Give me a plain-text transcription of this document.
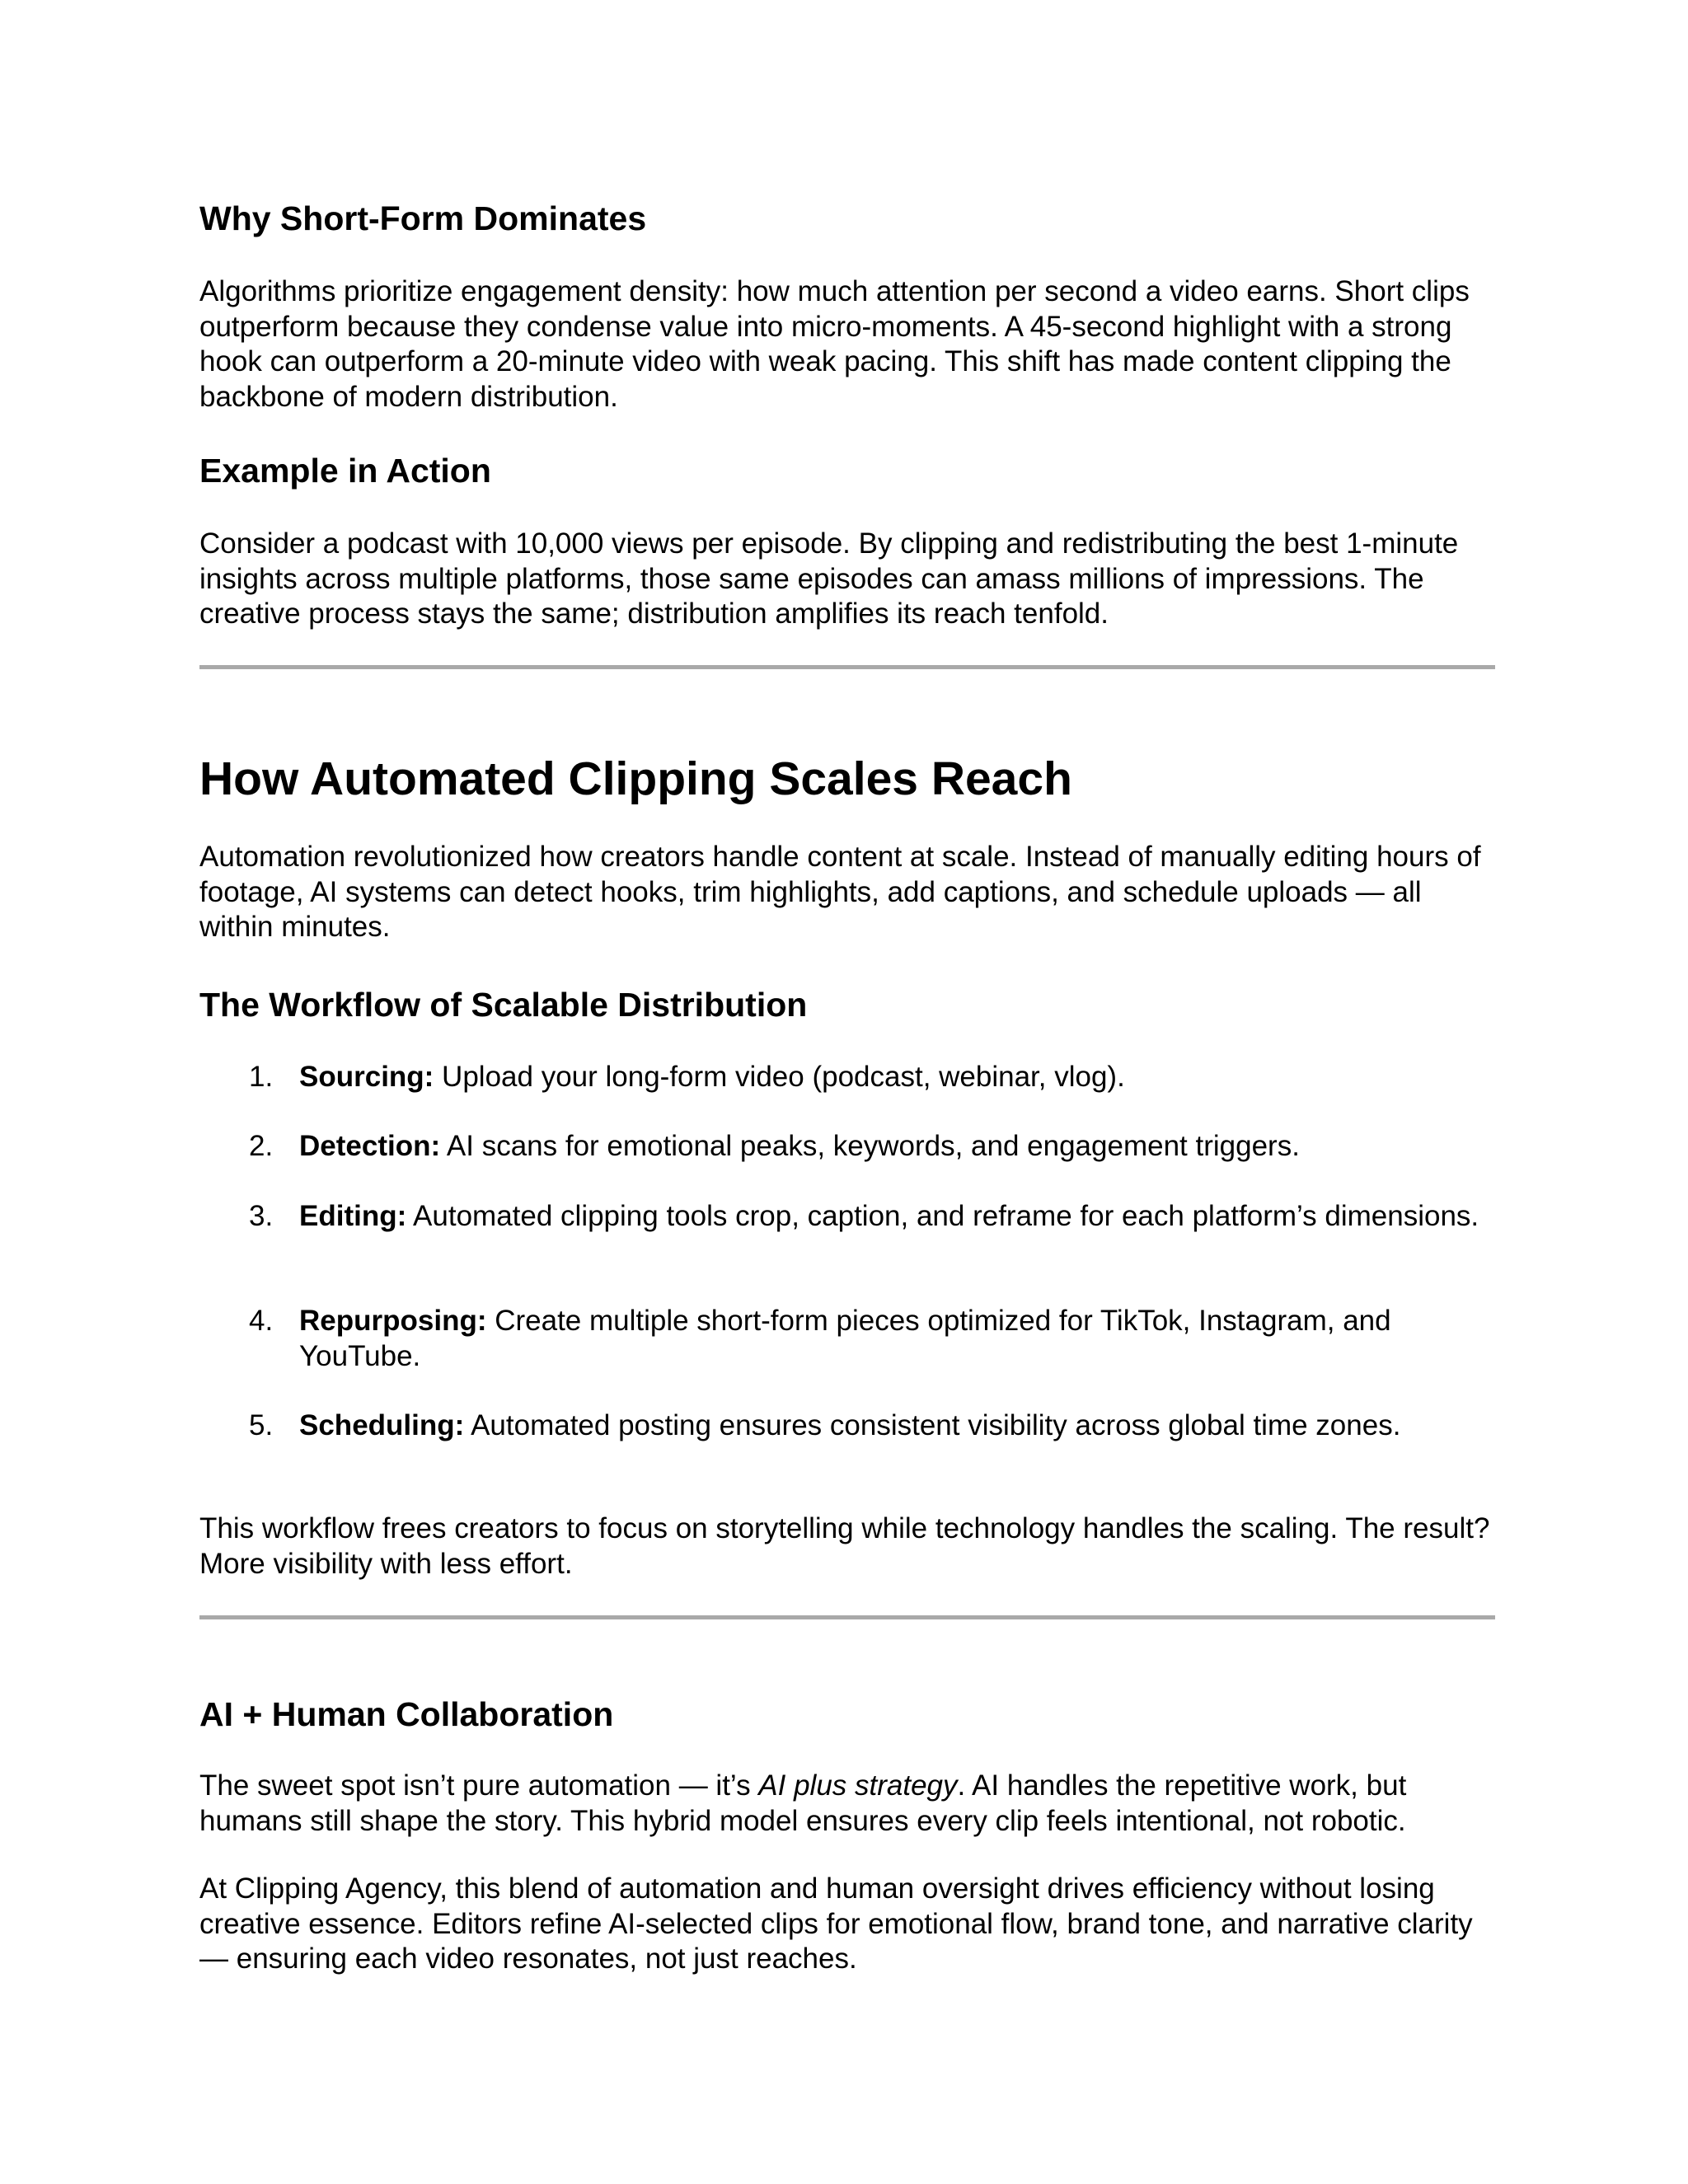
Why Short-Form Dominates

Algorithms prioritize engagement density: how much attention per second a video earns. Short clips outperform because they condense value into micro-moments. A 45-second highlight with a strong hook can outperform a 20-minute video with weak pacing. This shift has made content clipping the backbone of modern distribution.

Example in Action

Consider a podcast with 10,000 views per episode. By clipping and redistributing the best 1-minute insights across multiple platforms, those same episodes can amass millions of impressions. The creative process stays the same; distribution amplifies its reach tenfold.

How Automated Clipping Scales Reach

Automation revolutionized how creators handle content at scale. Instead of manually editing hours of footage, AI systems can detect hooks, trim highlights, add captions, and schedule uploads — all within minutes.

The Workflow of Scalable Distribution
1. Sourcing: Upload your long-form video (podcast, webinar, vlog).
2. Detection: AI scans for emotional peaks, keywords, and engagement triggers.
3. Editing: Automated clipping tools crop, caption, and reframe for each platform’s dimensions.
4. Repurposing: Create multiple short-form pieces optimized for TikTok, Instagram, and YouTube.
5. Scheduling: Automated posting ensures consistent visibility across global time zones.

This workflow frees creators to focus on storytelling while technology handles the scaling. The result? More visibility with less effort.

AI + Human Collaboration

The sweet spot isn’t pure automation — it’s AI plus strategy. AI handles the repetitive work, but humans still shape the story. This hybrid model ensures every clip feels intentional, not robotic.

At Clipping Agency, this blend of automation and human oversight drives efficiency without losing creative essence. Editors refine AI-selected clips for emotional flow, brand tone, and narrative clarity — ensuring each video resonates, not just reaches.
